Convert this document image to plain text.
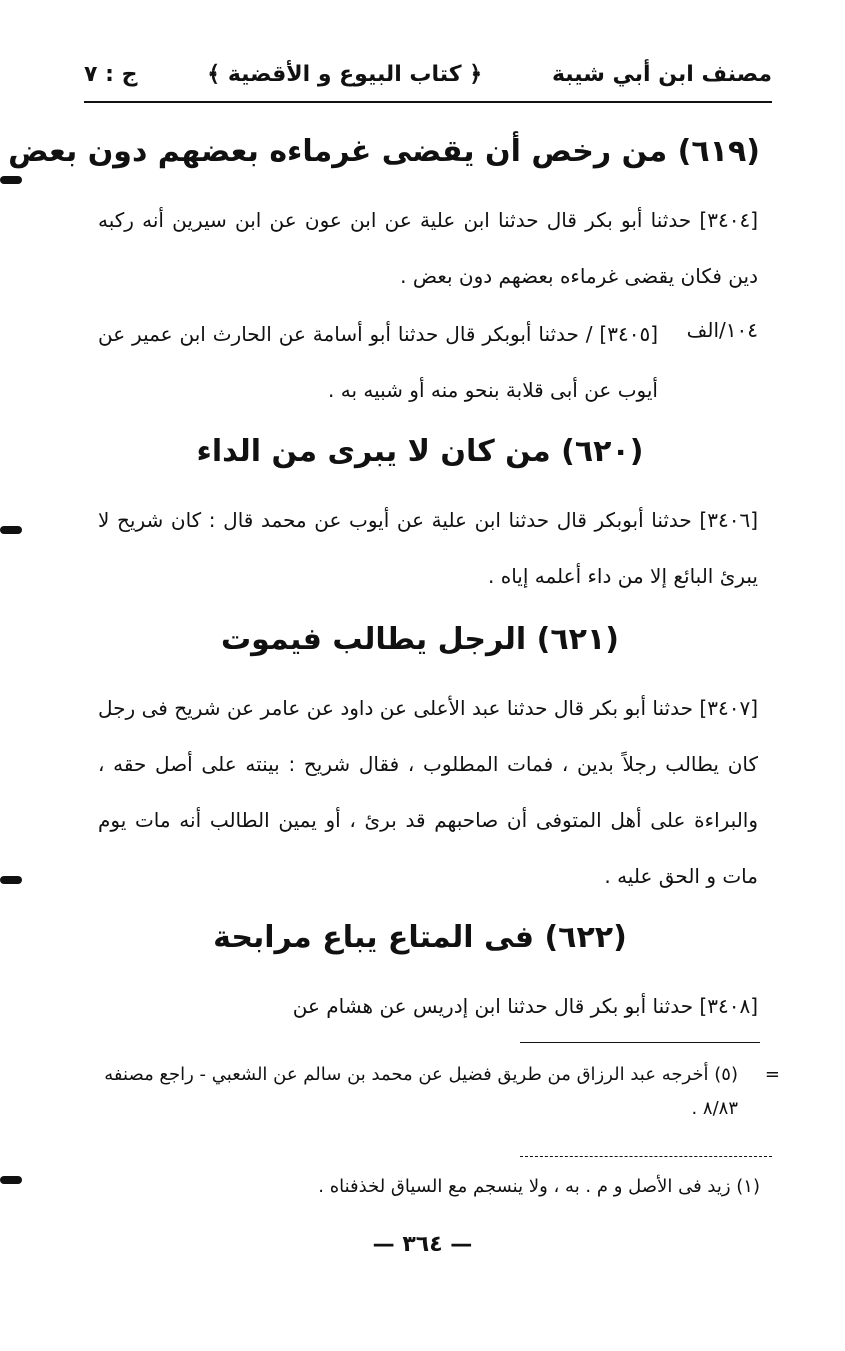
مصنف ابن أبي شيبة
﴿ كتاب البيوع و الأقضية ﴾
ج : ٧
(٦١٩) من رخص أن يقضى غرماءه بعضهم دون بعض
[٣٤٠٤] حدثنا أبو بكر قال حدثنا ابن علية عن ابن عون عن ابن سيرين أنه ركبه دين فكان يقضى غرماءه بعضهم دون بعض .
[٣٤٠٥] / حدثنا أبوبكر قال حدثنا أبو أسامة عن الحارث ابن عمير عن أيوب عن أبى قلابة بنحو منه أو شبيه به .
١٠٤/الف
(٦٢٠) من كان لا يبرى من الداء
[٣٤٠٦] حدثنا أبوبكر قال حدثنا ابن علية عن أيوب عن محمد قال : كان شريح لا يبرئ البائع إلا من داء أعلمه إياه .
(٦٢١) الرجل يطالب فيموت
[٣٤٠٧] حدثنا أبو بكر قال حدثنا عبد الأعلى عن داود عن عامر عن شريح فى رجل كان يطالب رجلاً بدين ، فمات المطلوب ، فقال شريح : بينته على أصل حقه ، والبراءة على أهل المتوفى أن صاحبهم قد برئ ، أو يمين الطالب أنه مات يوم مات و الحق عليه .
(٦٢٢) فى المتاع يباع مرابحة
[٣٤٠٨] حدثنا أبو بكر قال حدثنا ابن إدريس عن هشام عن
=
(٥) أخرجه عبد الرزاق من طريق فضيل عن محمد بن سالم عن الشعبي - راجع مصنفه ٨/٨٣ .
(١) زيد فى الأصل و م . به ، ولا ينسجم مع السياق لخذفناه .
— ٣٦٤ —
